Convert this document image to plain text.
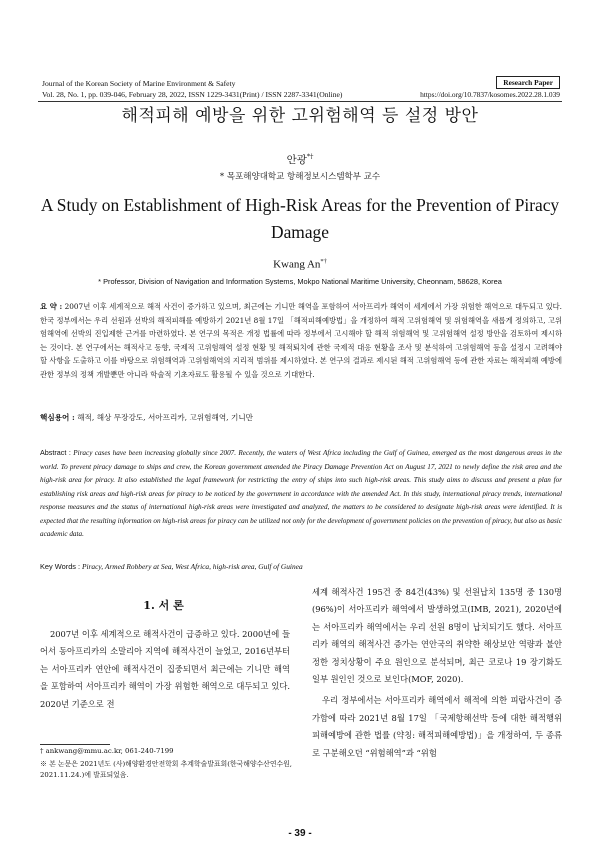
Journal of the Korean Society of Marine Environment & Safety
Vol. 28, No. 1, pp. 039-046, February 28, 2022, ISSN 1229-3431(Print) / ISSN 2287-3341(Online)
Research Paper
https://doi.org/10.7837/kosomes.2022.28.1.039
해적피해 예방을 위한 고위험해역 등 설정 방안
안광*†
* 목포해양대학교 항해정보시스템학부 교수
A Study on Establishment of High-Risk Areas for the Prevention of Piracy Damage
Kwang An*†
* Professor, Division of Navigation and Information Systems, Mokpo National Maritime University, Cheonnam, 58628, Korea
요 약 : 2007년 이후 세계적으로 해적 사건이 증가하고 있으며, 최근에는 기니만 해역을 포함하여 서아프리카 해역이 세계에서 가장 위험한 해역으로 대두되고 있다. 한국 정부에서는 우리 선원과 선박의 해적피해를 예방하기 2021년 8월 17일 「해적피해예방법」을 개정하여 해적 고위험해역 및 위험해역을 새롭게 정의하고, 고위험해역에 선박의 진입제한 근거를 마련하였다. 본 연구의 목적은 개정 법률에 따라 정부에서 고시해야 할 해적 위험해역 및 고위험해역 설정 방안을 검토하여 제시하는 것이다. 본 연구에서는 해적사고 동향, 국제적 고위험해역 설정 현황 및 해적퇴치에 관한 국제적 대응 현황을 조사 및 분석하여 고위험해역 등을 설정시 고려해야 할 사항을 도출하고 이를 바탕으로 위험해역과 고위험해역의 지리적 범위를 제시하였다. 본 연구의 결과로 제시된 해적 고위험해역 등에 관한 자료는 해적피해 예방에 관한 정부의 정책 개발뿐만 아니라 학술적 기초자료도 활용될 수 있을 것으로 기대한다.
핵심용어 : 해적, 해상 무장강도, 서아프리카, 고위험해역, 기니만
Abstract : Piracy cases have been increasing globally since 2007. Recently, the waters of West Africa including the Gulf of Guinea, emerged as the most dangerous areas in the world. To prevent piracy damage to ships and crew, the Korean government amended the Piracy Damage Prevention Act on August 17, 2021 to newly define the risk area and the high-risk area for piracy. It also established the legal framework for restricting the entry of ships into such high-risk areas. This study aims to discuss and present a plan for establishing risk areas and high-risk areas for piracy to be noticed by the government in accordance with the amended Act. In this study, international piracy trends, international response measures and the status of international high-risk areas were investigated and analyzed, the matters to be considered to designate high-risk areas were identified. It is expected that the resulting information on high-risk areas for piracy can be utilized not only for the development of government policies on the prevention of piracy, but also as basic academic data.
Key Words : Piracy, Armed Robbery at Sea, West Africa, high-risk area, Gulf of Guinea
1. 서 론

2007년 이후 세계적으로 해적사건이 급증하고 있다. 2000년에 들어서 동아프리카의 소말리아 지역에 해적사건이 늘었고, 2016년부터는 서아프리카 연안에 해적사건이 집중되면서 최근에는 기니만 해역을 포함하여 서아프리카 해역이 가장 위험한 해역으로 대두되고 있다. 2020년 기준으로 전

세계 해적사건 195건 중 84건(43%) 및 선원납치 135명 중 130명(96%)이 서아프리카 해역에서 발생하였고(IMB, 2021), 2020년에는 서아프리카 해역에서는 우리 선원 8명이 납치되기도 했다. 서아프리카 해역의 해적사건 증가는 연안국의 취약한 해상보안 역량과 불안정한 정치상황이 주요 원인으로 분석되며, 최근 코로나 19 장기화도 일부 원인인 것으로 보인다(MOF, 2020).

우리 정부에서는 서아프리카 해역에서 해적에 의한 피랍사건이 증가함에 따라 2021년 8월 17일 「국제항해선박 등에 대한 해적행위 피해예방에 관한 법률 (약칭: 해적피해예방법)」을 개정하여, 두 종류로 구분해오던 “위험해역”과 “위험

† ankwang@mmu.ac.kr, 061-240-7199
※ 본 논문은 2021년도 (사)해양환경안전학회 추계학술발표회(한국해양수산연수원, 2021.11.24.)에 발표되었음.
- 39 -
